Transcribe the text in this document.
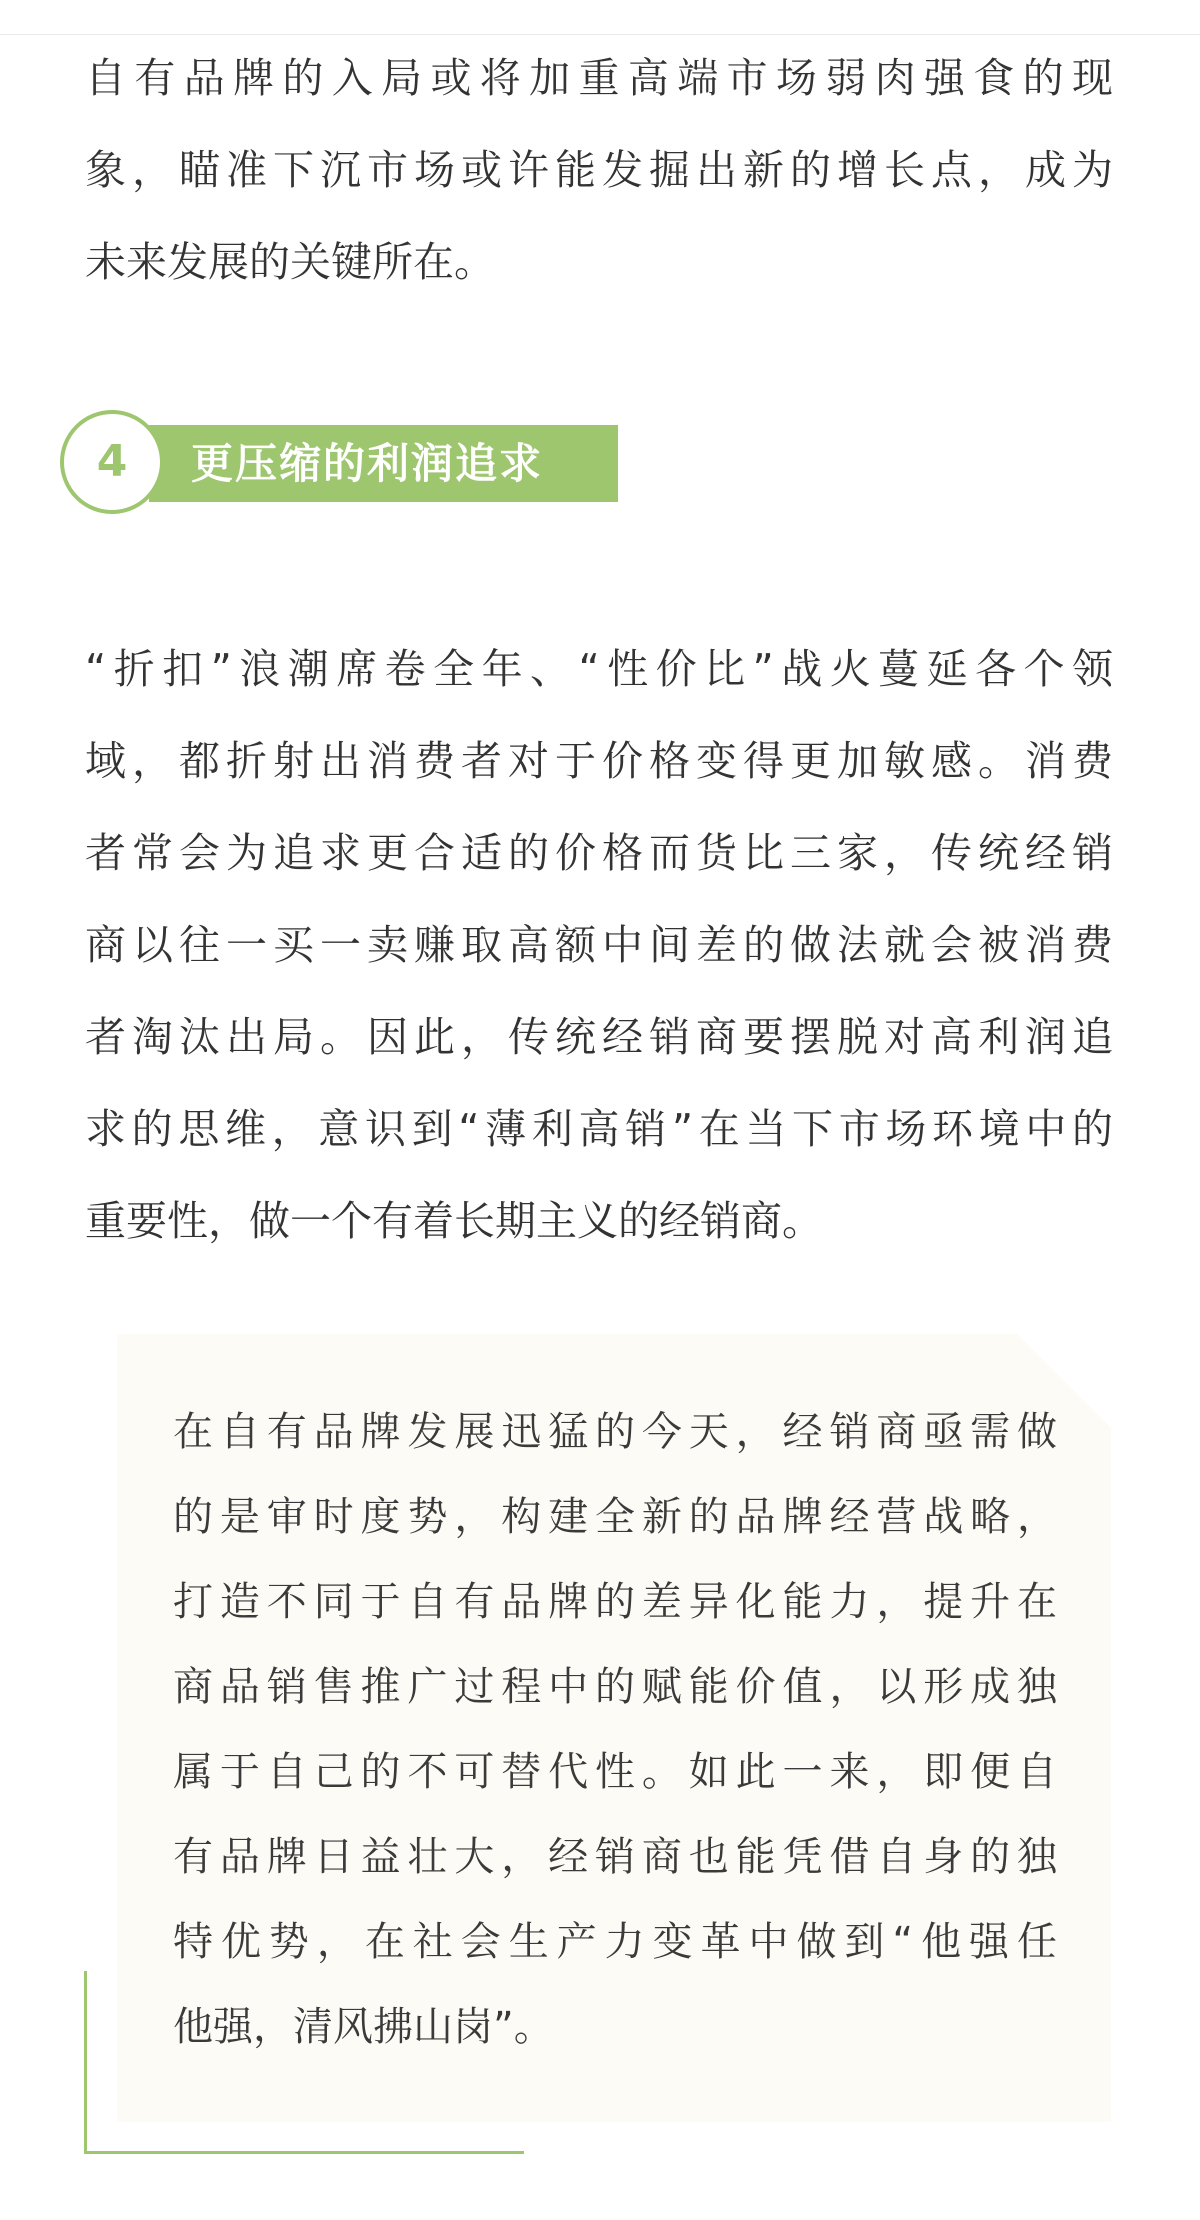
自有品牌的入局或将加重高端市场弱肉强食的现
象，瞄准下沉市场或许能发掘出新的增长点，成为
未来发展的关键所在。
更压缩的利润追求
4
“折扣”浪潮席卷全年、“性价比”战火蔓延各个领
域，都折射出消费者对于价格变得更加敏感。消费
者常会为追求更合适的价格而货比三家，传统经销
商以往一买一卖赚取高额中间差的做法就会被消费
者淘汰出局。因此，传统经销商要摆脱对高利润追
求的思维，意识到“薄利高销”在当下市场环境中的
重要性，做一个有着长期主义的经销商。
在自有品牌发展迅猛的今天，经销商亟需做
的是审时度势，构建全新的品牌经营战略，
打造不同于自有品牌的差异化能力，提升在
商品销售推广过程中的赋能价值，以形成独
属于自己的不可替代性。如此一来，即便自
有品牌日益壮大，经销商也能凭借自身的独
特优势，在社会生产力变革中做到“他强任
他强，清风拂山岗”。
